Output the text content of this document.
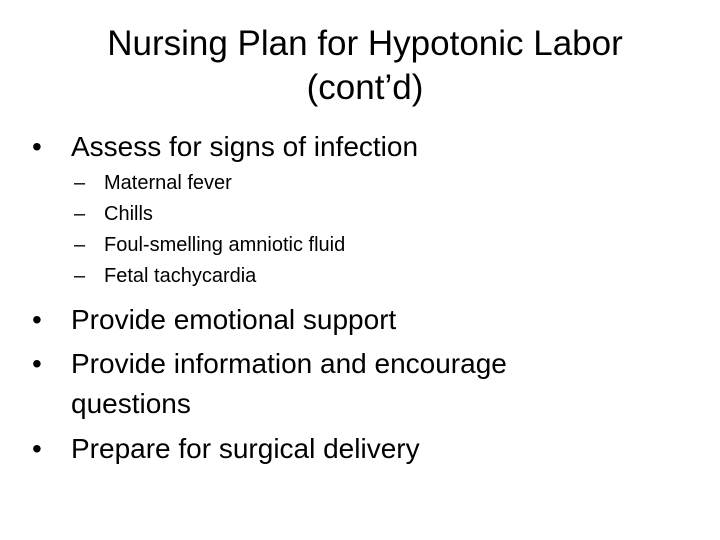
Nursing Plan for Hypotonic Labor
(cont’d)
•	Assess for signs of infection
– Maternal fever
– Chills
– Foul-smelling amniotic fluid
– Fetal tachycardia
•	Provide emotional support
•	Provide information and encourage
questions
•	Prepare for surgical delivery
